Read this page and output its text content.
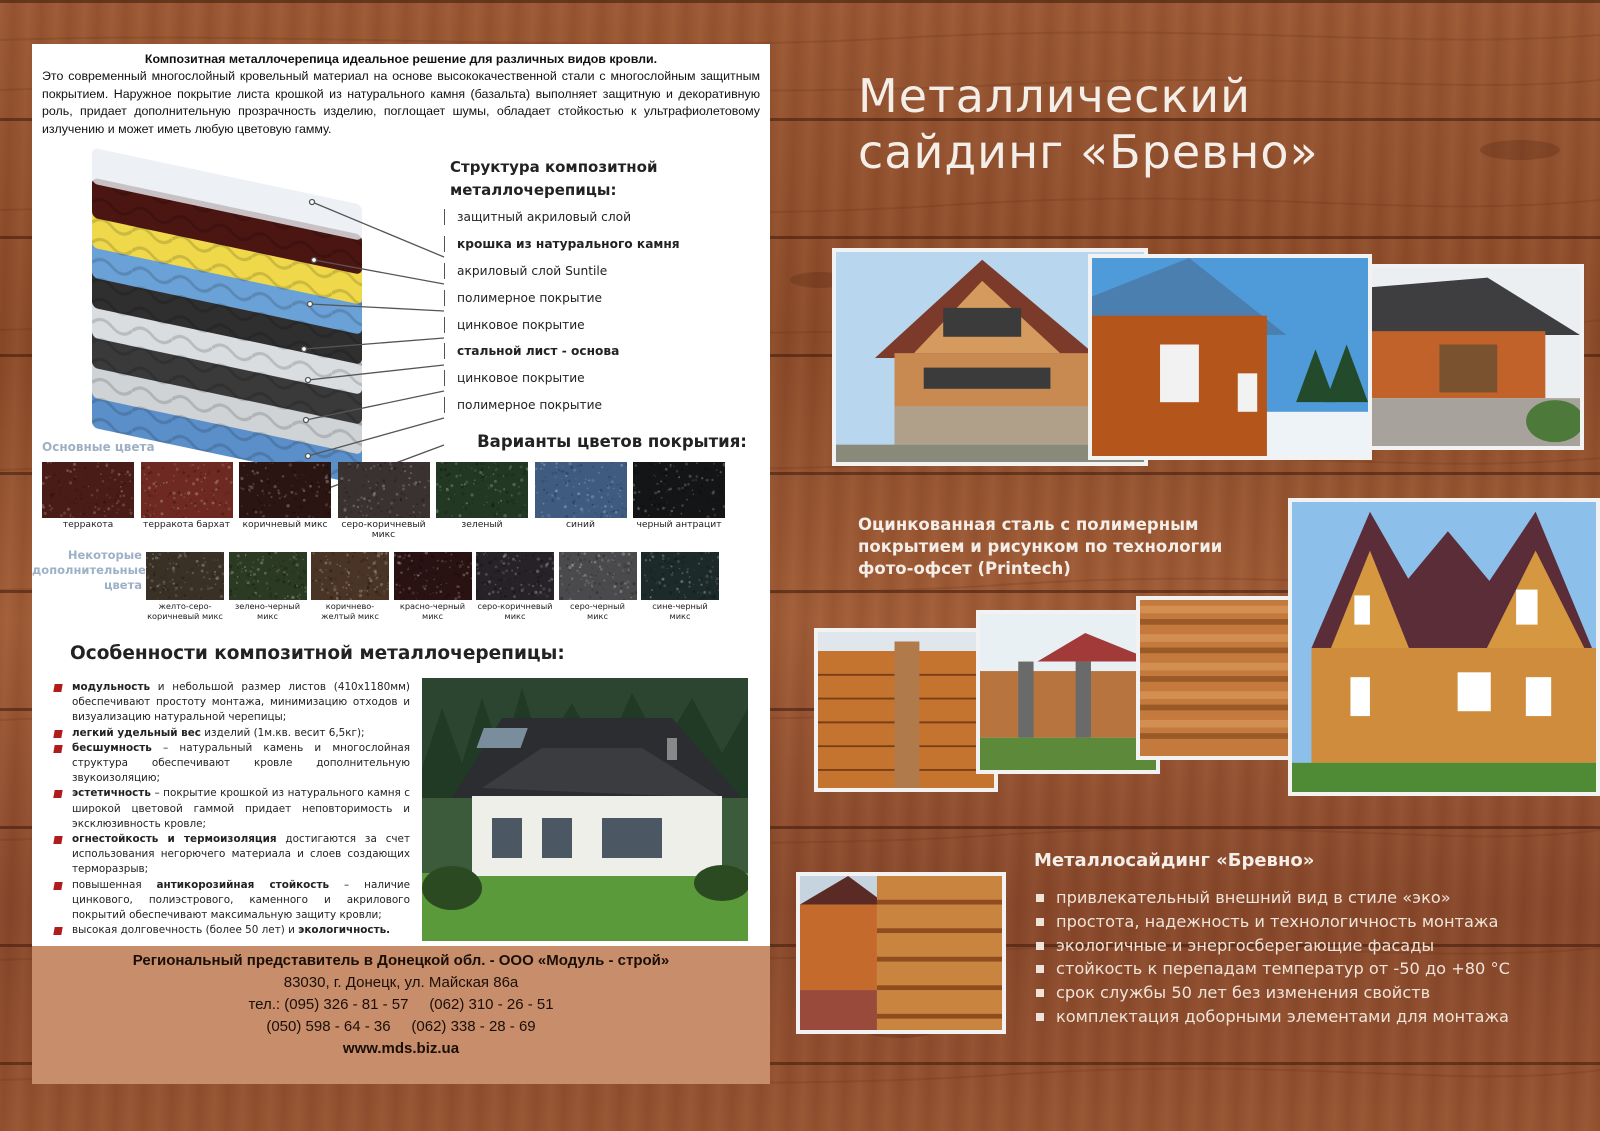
Композитная металлочерепица идеальное решение для различных видов кровли.
Это современный многослойный кровельный материал на основе высококачественной стали с многослойным защитным покрытием. Наружное покрытие листа крошкой из натурального камня (базальта) выполняет защитную и декоративную роль, придает дополнительную прозрачность изделию, поглощает шумы, обладает стойкостью к ультрафиолетовому излучению и может иметь любую цветовую гамму.
Структура композитной металлочерепицы:
защитный акриловый слой
крошка из натурального камня
акриловый слой Suntile
полимерное покрытие
цинковое покрытие
стальной лист - основа
цинковое покрытие
полимерное покрытие
Основные цвета	Варианты цветов покрытия:
терракота	терракота бархат	коричневый микс	серо-коричневый микс
зеленый	синий	черный антрацит
Некоторые дополнительные цвета
желто-серо-коричневый микс
зелено-черный микс
коричнево-желтый микс
красно-черный микс
серо-коричневый микс
серо-черный микс
сине-черный микс
Особенности композитной металлочерепицы:
модульность и небольшой размер листов (410х1180мм) обеспечивают простоту монтажа, минимизацию отходов и визуализацию натуральной черепицы;
легкий удельный вес изделий (1м.кв. весит 6,5кг);
бесшумность – натуральный камень и многослойная структура обеспечивают кровле дополнительную звукоизоляцию;
эстетичность – покрытие крошкой из натурального камня с широкой цветовой гаммой придает неповторимость и эксклюзивность кровле;
огнестойкость и термоизоляция достигаются за счет использования негорючего материала и слоев создающих терморазрыв;
повышенная антикорозийная стойкость – наличие цинкового, полиэстрового, каменного и акрилового покрытий обеспечивают максимальную защиту кровли;
высокая долговечность (более 50 лет) и экологичность.
Региональный представитель в Донецкой обл. - ООО «Модуль - строй»
83030, г. Донецк, ул. Майская 86а
тел.: (095) 326 - 81 - 57     (062) 310 - 26 - 51
(050) 598 - 64 - 36     (062) 338 - 28 - 69
www.mds.biz.ua
Металлический
сайдинг «Бревно»
Оцинкованная сталь с полимерным покрытием и рисунком по технологии фото-офсет (Printech)
Металлосайдинг «Бревно»
привлекательный внешний вид в стиле «эко»
простота, надежность и технологичность монтажа
экологичные и энергосберегающие фасады
стойкость к перепадам температур от -50 до +80 °С
срок службы 50 лет без изменения свойств
комплектация доборными элементами для монтажа
